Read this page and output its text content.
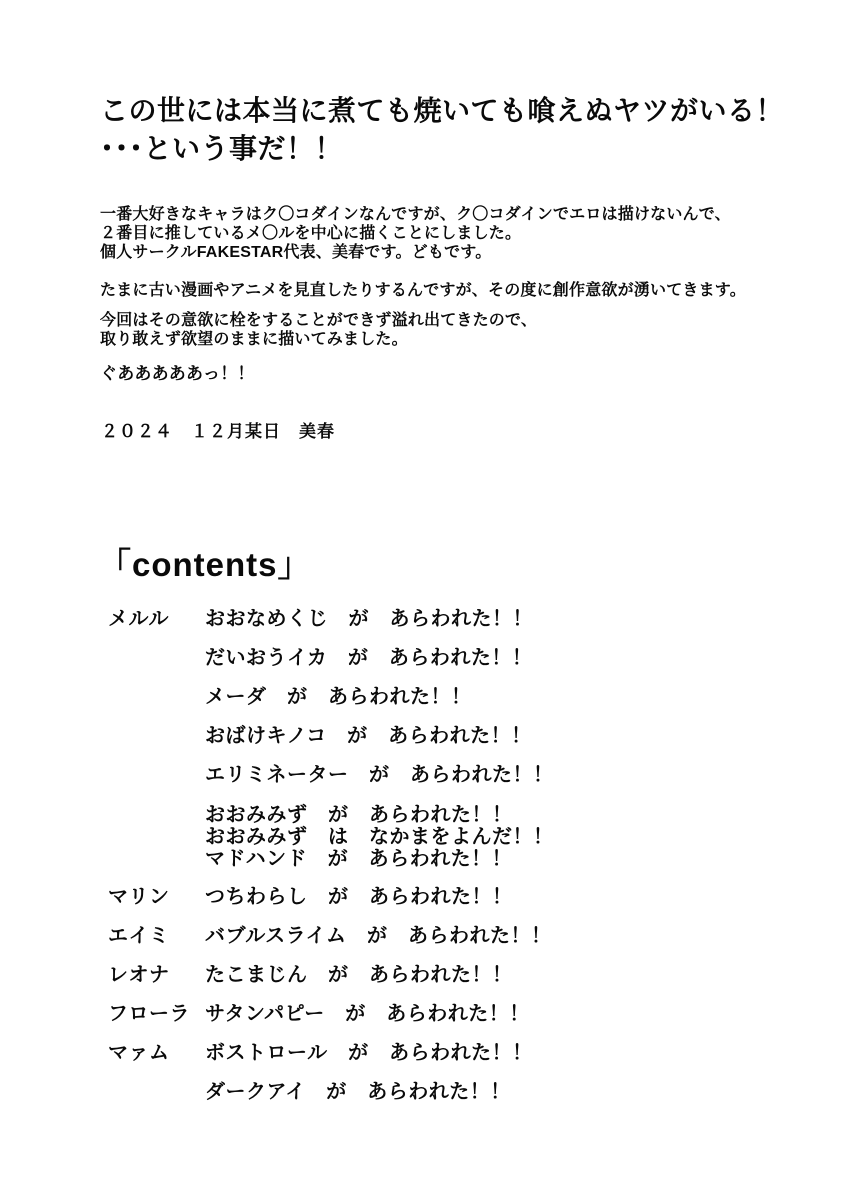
この世には本当に煮ても焼いても喰えぬヤツがいる！
･･･という事だ！！
一番大好きなキャラはク〇コダインなんですが、ク〇コダインでエロは描けないんで、
２番目に推しているメ〇ルを中心に描くことにしました。
個人サークルFAKESTAR代表、美春です。どもです。
たまに古い漫画やアニメを見直したりするんですが、その度に創作意欲が湧いてきます。
今回はその意欲に栓をすることができず溢れ出てきたので、
取り敢えず欲望のままに描いてみました。
ぐあああああっ！！
２０２４　１２月某日　美春
「contents」
メルル	おおなめくじ　が　あらわれた！！
だいおうイカ　が　あらわれた！！
メーダ　が　あらわれた！！
おばけキノコ　が　あらわれた！！
エリミネーター　が　あらわれた！！
おおみみず　が　あらわれた！！
おおみみず　は　なかまをよんだ！！
マドハンド　が　あらわれた！！
マリン	つちわらし　が　あらわれた！！
エイミ	バブルスライム　が　あらわれた！！
レオナ	たこまじん　が　あらわれた！！
フローラ サタンパピー　が　あらわれた！！
マァム	ボストロール　が　あらわれた！！
ダークアイ　が　あらわれた！！
